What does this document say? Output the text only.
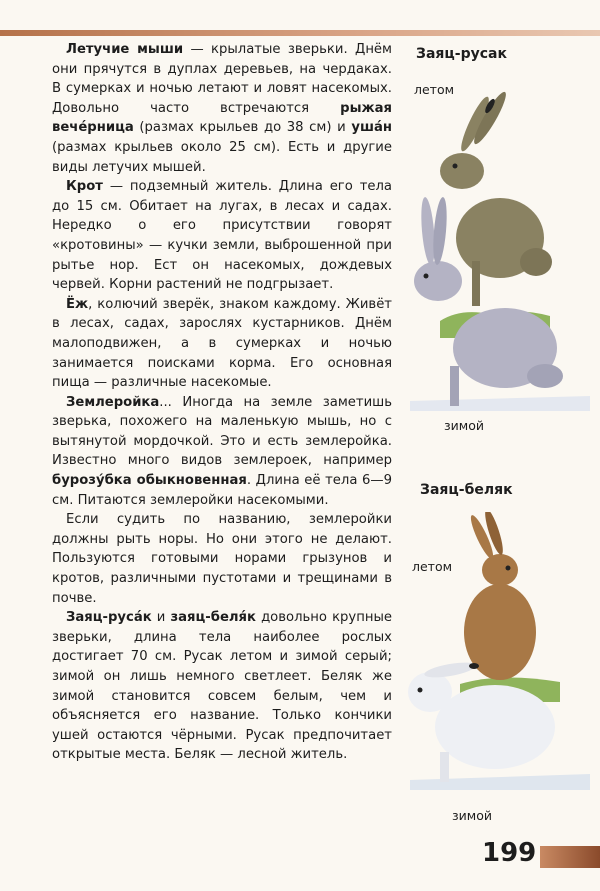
Летучие мыши — крылатые зверьки. Днём они прячутся в дуплах деревьев, на чердаках. В сумерках и ночью летают и ловят насекомых. Довольно часто встречаются рыжая вечéрница (размах крыльев до 38 см) и ушáн (размах крыльев около 25 см). Есть и другие виды летучих мышей.

Крот — подземный житель. Длина его тела до 15 см. Обитает на лугах, в лесах и садах. Нередко о его присутствии говорят «кротовины» — кучки земли, выброшенной при рытье нор. Ест он насекомых, дождевых червей. Корни растений не подгрызает.

Ёж, колючий зверёк, знаком каждому. Живёт в лесах, садах, зарослях кустарников. Днём малоподвижен, а в сумерках и ночью занимается поисками корма. Его основная пища — различные насекомые.

Землеройка... Иногда на земле заметишь зверька, похожего на маленькую мышь, но с вытянутой мордочкой. Это и есть землеройка. Известно много видов землероек, например бурозýбка обыкновенная. Длина её тела 6—9 см. Питаются землеройки насекомыми.

Если судить по названию, землеройки должны рыть норы. Но они этого не делают. Пользуются готовыми норами грызунов и кротов, различными пустотами и трещинами в почве.

Заяц-русáк и заяц-беля́к довольно крупные зверьки, длина тела наиболее рослых достигает 70 см. Русак летом и зимой серый; зимой он лишь немного светлеет. Беляк же зимой становится совсем белым, чем и объясняется его название. Только кончики ушей остаются чёрными. Русак предпочитает открытые места. Беляк — лесной житель.

Заяц-русак
летом
зимой
Заяц-беляк
летом
зимой
199
